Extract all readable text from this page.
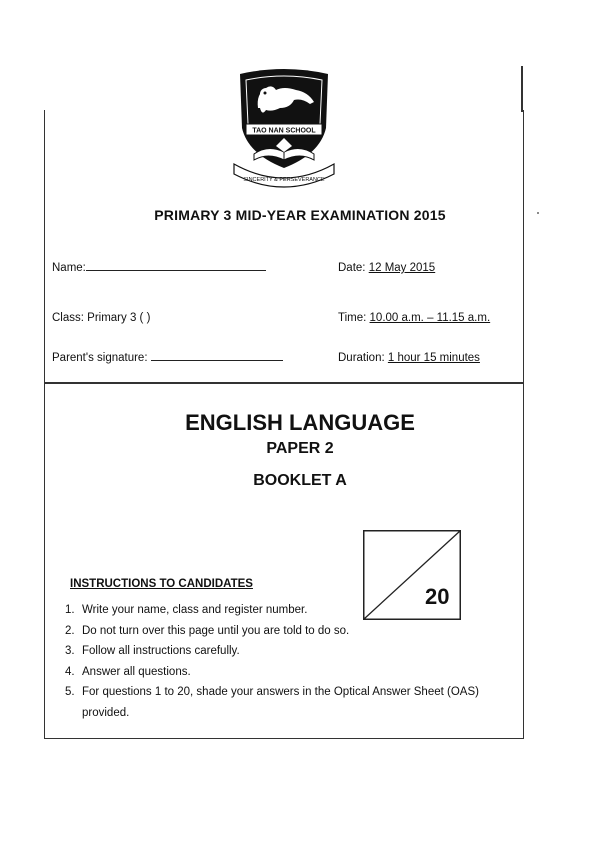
TAO NAN SCHOOL
SINCERITY & PERSEVERANCE
PRIMARY 3 MID-YEAR EXAMINATION 2015
Name:	Date: 12 May 2015
Class: Primary 3 ( )	Time: 10.00 a.m. – 11.15 a.m.
Parent's signature:	Duration: 1 hour 15 minutes
ENGLISH LANGUAGE
PAPER 2
BOOKLET A
20
INSTRUCTIONS TO CANDIDATES
1. Write your name, class and register number.
2. Do not turn over this page until you are told to do so.
3. Follow all instructions carefully.
4. Answer all questions.
5. For questions 1 to 20, shade your answers in the Optical Answer Sheet (OAS) provided.
